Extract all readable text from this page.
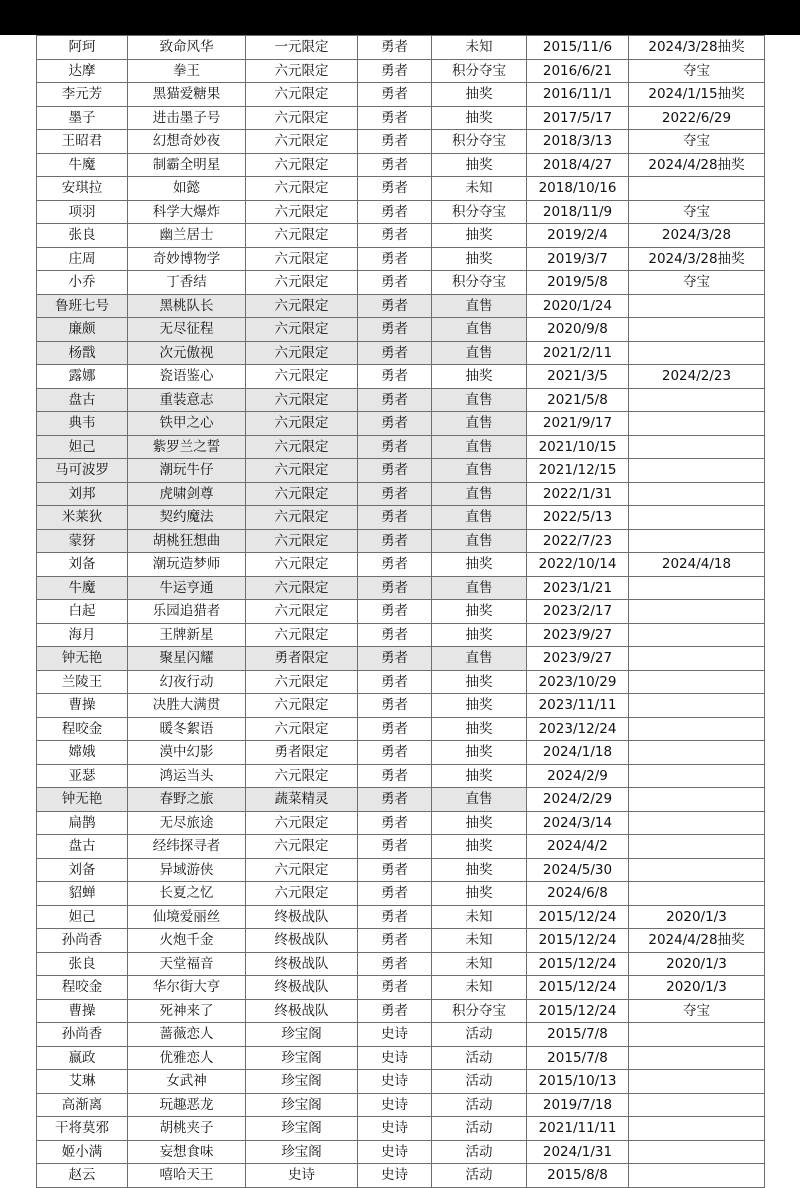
阿珂	致命风华	一元限定	勇者	未知	2015/11/6	2024/3/28抽奖
达摩	拳王	六元限定	勇者	积分夺宝	2016/6/21	夺宝
李元芳	黑猫爱糖果	六元限定	勇者	抽奖	2016/11/1	2024/1/15抽奖
墨子	进击墨子号	六元限定	勇者	抽奖	2017/5/17	2022/6/29
王昭君	幻想奇妙夜	六元限定	勇者	积分夺宝	2018/3/13	夺宝
牛魔	制霸全明星	六元限定	勇者	抽奖	2018/4/27	2024/4/28抽奖
安琪拉	如懿	六元限定	勇者	未知	2018/10/16	
项羽	科学大爆炸	六元限定	勇者	积分夺宝	2018/11/9	夺宝
张良	幽兰居士	六元限定	勇者	抽奖	2019/2/4	2024/3/28
庄周	奇妙博物学	六元限定	勇者	抽奖	2019/3/7	2024/3/28抽奖
小乔	丁香结	六元限定	勇者	积分夺宝	2019/5/8	夺宝
鲁班七号	黑桃队长	六元限定	勇者	直售	2020/1/24	
廉颇	无尽征程	六元限定	勇者	直售	2020/9/8	
杨戬	次元傲视	六元限定	勇者	直售	2021/2/11	
露娜	瓷语鉴心	六元限定	勇者	抽奖	2021/3/5	2024/2/23
盘古	重装意志	六元限定	勇者	直售	2021/5/8	
典韦	铁甲之心	六元限定	勇者	直售	2021/9/17	
妲己	紫罗兰之誓	六元限定	勇者	直售	2021/10/15	
马可波罗	潮玩牛仔	六元限定	勇者	直售	2021/12/15	
刘邦	虎啸剑尊	六元限定	勇者	直售	2022/1/31	
米莱狄	契约魔法	六元限定	勇者	直售	2022/5/13	
蒙犽	胡桃狂想曲	六元限定	勇者	直售	2022/7/23	
刘备	潮玩造梦师	六元限定	勇者	抽奖	2022/10/14	2024/4/18
牛魔	牛运亨通	六元限定	勇者	直售	2023/1/21	
白起	乐园追猎者	六元限定	勇者	抽奖	2023/2/17	
海月	王牌新星	六元限定	勇者	抽奖	2023/9/27	
钟无艳	聚星闪耀	勇者限定	勇者	直售	2023/9/27	
兰陵王	幻夜行动	六元限定	勇者	抽奖	2023/10/29	
曹操	决胜大满贯	六元限定	勇者	抽奖	2023/11/11	
程咬金	暖冬絮语	六元限定	勇者	抽奖	2023/12/24	
嫦娥	漠中幻影	勇者限定	勇者	抽奖	2024/1/18	
亚瑟	鸿运当头	六元限定	勇者	抽奖	2024/2/9	
钟无艳	春野之旅	蔬菜精灵	勇者	直售	2024/2/29	
扁鹊	无尽旅途	六元限定	勇者	抽奖	2024/3/14	
盘古	经纬探寻者	六元限定	勇者	抽奖	2024/4/2	
刘备	异域游侠	六元限定	勇者	抽奖	2024/5/30	
貂蝉	长夏之忆	六元限定	勇者	抽奖	2024/6/8	
妲己	仙境爱丽丝	终极战队	勇者	未知	2015/12/24	2020/1/3
孙尚香	火炮千金	终极战队	勇者	未知	2015/12/24	2024/4/28抽奖
张良	天堂福音	终极战队	勇者	未知	2015/12/24	2020/1/3
程咬金	华尔街大亨	终极战队	勇者	未知	2015/12/24	2020/1/3
曹操	死神来了	终极战队	勇者	积分夺宝	2015/12/24	夺宝
孙尚香	蔷薇恋人	珍宝阁	史诗	活动	2015/7/8	
嬴政	优雅恋人	珍宝阁	史诗	活动	2015/7/8	
艾琳	女武神	珍宝阁	史诗	活动	2015/10/13	
高渐离	玩趣恶龙	珍宝阁	史诗	活动	2019/7/18	
干将莫邪	胡桃夹子	珍宝阁	史诗	活动	2021/11/11	
姬小满	妄想食味	珍宝阁	史诗	活动	2024/1/31	
赵云	嘻哈天王	史诗	史诗	活动	2015/8/8	
